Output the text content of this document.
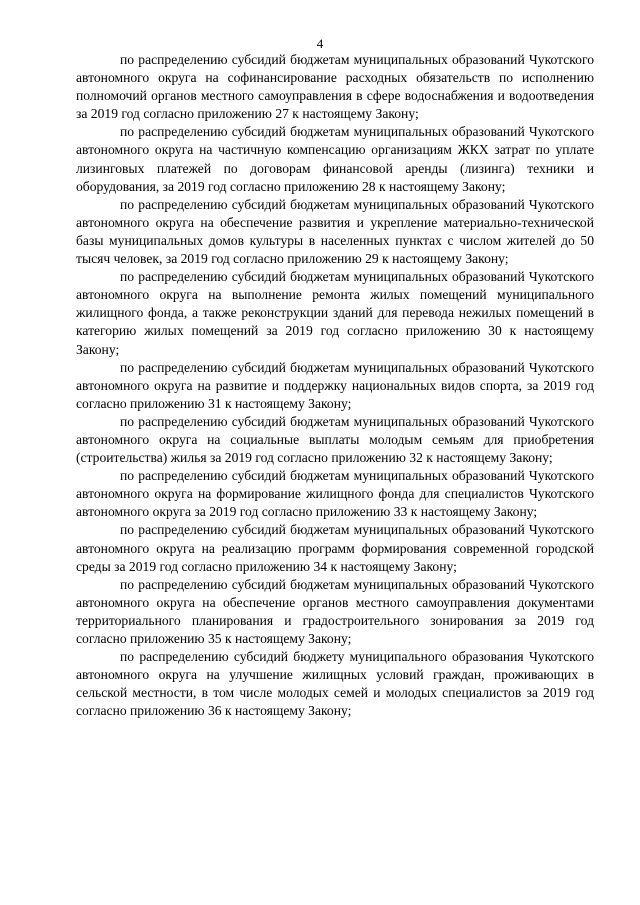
4

по распределению субсидий бюджетам муниципальных образований Чукотского автономного округа на софинансирование расходных обязательств по исполнению полномочий органов местного самоуправления в сфере водоснабжения и водоотведения за 2019 год согласно приложению 27 к настоящему Закону;

по распределению субсидий бюджетам муниципальных образований Чукотского автономного округа на частичную компенсацию организациям ЖКХ затрат по уплате лизинговых платежей по договорам финансовой аренды (лизинга) техники и оборудования, за 2019 год согласно приложению 28 к настоящему Закону;

по распределению субсидий бюджетам муниципальных образований Чукотского автономного округа на обеспечение развития и укрепление материально-технической базы муниципальных домов культуры в населенных пунктах с числом жителей до 50 тысяч человек, за 2019 год согласно приложению 29 к настоящему Закону;

по распределению субсидий бюджетам муниципальных образований Чукотского автономного округа на выполнение ремонта жилых помещений муниципального жилищного фонда, а также реконструкции зданий для перевода нежилых помещений в категорию жилых помещений за 2019 год согласно приложению 30 к настоящему Закону;

по распределению субсидий бюджетам муниципальных образований Чукотского автономного округа на развитие и поддержку национальных видов спорта, за 2019 год согласно приложению 31 к настоящему Закону;

по распределению субсидий бюджетам муниципальных образований Чукотского автономного округа на социальные выплаты молодым семьям для приобретения (строительства) жилья за 2019 год согласно приложению 32 к настоящему Закону;

по распределению субсидий бюджетам муниципальных образований Чукотского автономного округа на формирование жилищного фонда для специалистов Чукотского автономного округа за 2019 год согласно приложению 33 к настоящему Закону;

по распределению субсидий бюджетам муниципальных образований Чукотского автономного округа на реализацию программ формирования современной городской среды за 2019 год согласно приложению 34 к настоящему Закону;

по распределению субсидий бюджетам муниципальных образований Чукотского автономного округа на обеспечение органов местного самоуправления документами территориального планирования и градостроительного зонирования за 2019 год согласно приложению 35 к настоящему Закону;

по распределению субсидий бюджету муниципального образования Чукотского автономного округа на улучшение жилищных условий граждан, проживающих в сельской местности, в том числе молодых семей и молодых специалистов за 2019 год согласно приложению 36 к настоящему Закону;
